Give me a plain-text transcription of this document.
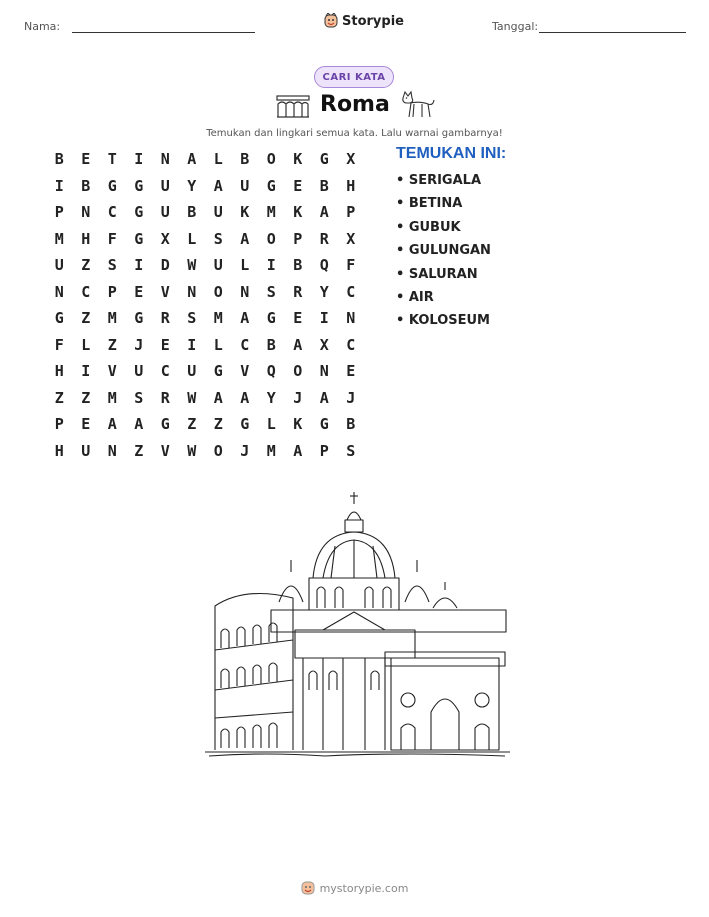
Nama:	Storypie	Tanggal:
CARI KATA
Roma
Temukan dan lingkari semua kata. Lalu warnai gambarnya!
B	E	T	I	N	A	L	B	O	K	G	X
I	B	G	G	U	Y	A	U	G	E	B	H
P	N	C	G	U	B	U	K	M	K	A	P
M	H	F	G	X	L	S	A	O	P	R	X
U	Z	S	I	D	W	U	L	I	B	Q	F
N	C	P	E	V	N	O	N	S	R	Y	C
G	Z	M	G	R	S	M	A	G	E	I	N
F	L	Z	J	E	I	L	C	B	A	X	C
H	I	V	U	C	U	G	V	Q	O	N	E
Z	Z	M	S	R	W	A	A	Y	J	A	J
P	E	A	A	G	Z	Z	G	L	K	G	B
H	U	N	Z	V	W	O	J	M	A	P	S
TEMUKAN INI:
• SERIGALA
• BETINA
• GUBUK
• GULUNGAN
• SALURAN
• AIR
• KOLOSEUM
mystorypie.com
